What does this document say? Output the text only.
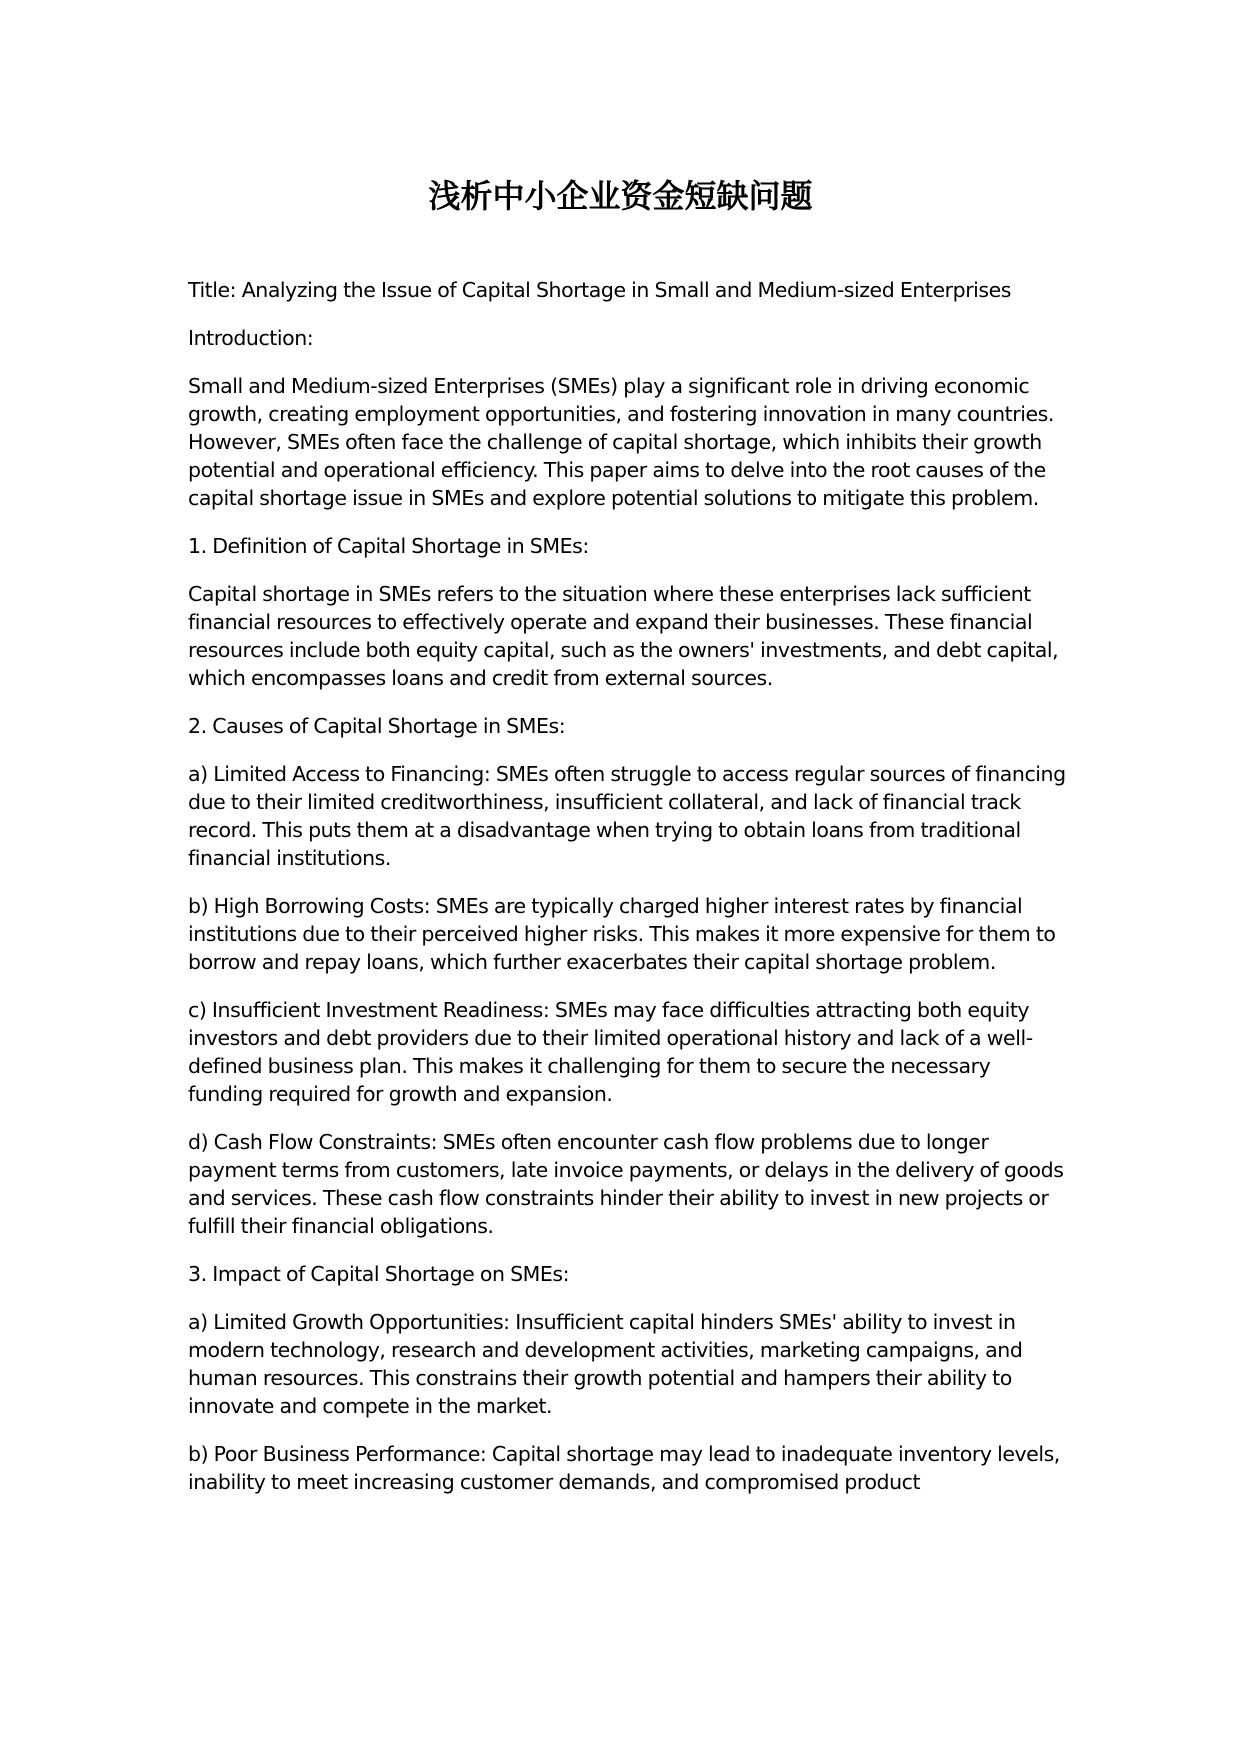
浅析中小企业资金短缺问题

Title: Analyzing the Issue of Capital Shortage in Small and Medium-sized Enterprises

Introduction:

Small and Medium-sized Enterprises (SMEs) play a significant role in driving economic growth, creating employment opportunities, and fostering innovation in many countries. However, SMEs often face the challenge of capital shortage, which inhibits their growth potential and operational efficiency. This paper aims to delve into the root causes of the capital shortage issue in SMEs and explore potential solutions to mitigate this problem.

1. Definition of Capital Shortage in SMEs:

Capital shortage in SMEs refers to the situation where these enterprises lack sufficient financial resources to effectively operate and expand their businesses. These financial resources include both equity capital, such as the owners' investments, and debt capital, which encompasses loans and credit from external sources.

2. Causes of Capital Shortage in SMEs:

a) Limited Access to Financing: SMEs often struggle to access regular sources of financing due to their limited creditworthiness, insufficient collateral, and lack of financial track record. This puts them at a disadvantage when trying to obtain loans from traditional financial institutions.

b) High Borrowing Costs: SMEs are typically charged higher interest rates by financial institutions due to their perceived higher risks. This makes it more expensive for them to borrow and repay loans, which further exacerbates their capital shortage problem.

c) Insufficient Investment Readiness: SMEs may face difficulties attracting both equity investors and debt providers due to their limited operational history and lack of a well-defined business plan. This makes it challenging for them to secure the necessary funding required for growth and expansion.

d) Cash Flow Constraints: SMEs often encounter cash flow problems due to longer payment terms from customers, late invoice payments, or delays in the delivery of goods and services. These cash flow constraints hinder their ability to invest in new projects or fulfill their financial obligations.

3. Impact of Capital Shortage on SMEs:

a) Limited Growth Opportunities: Insufficient capital hinders SMEs' ability to invest in modern technology, research and development activities, marketing campaigns, and human resources. This constrains their growth potential and hampers their ability to innovate and compete in the market.

b) Poor Business Performance: Capital shortage may lead to inadequate inventory levels, inability to meet increasing customer demands, and compromised product
